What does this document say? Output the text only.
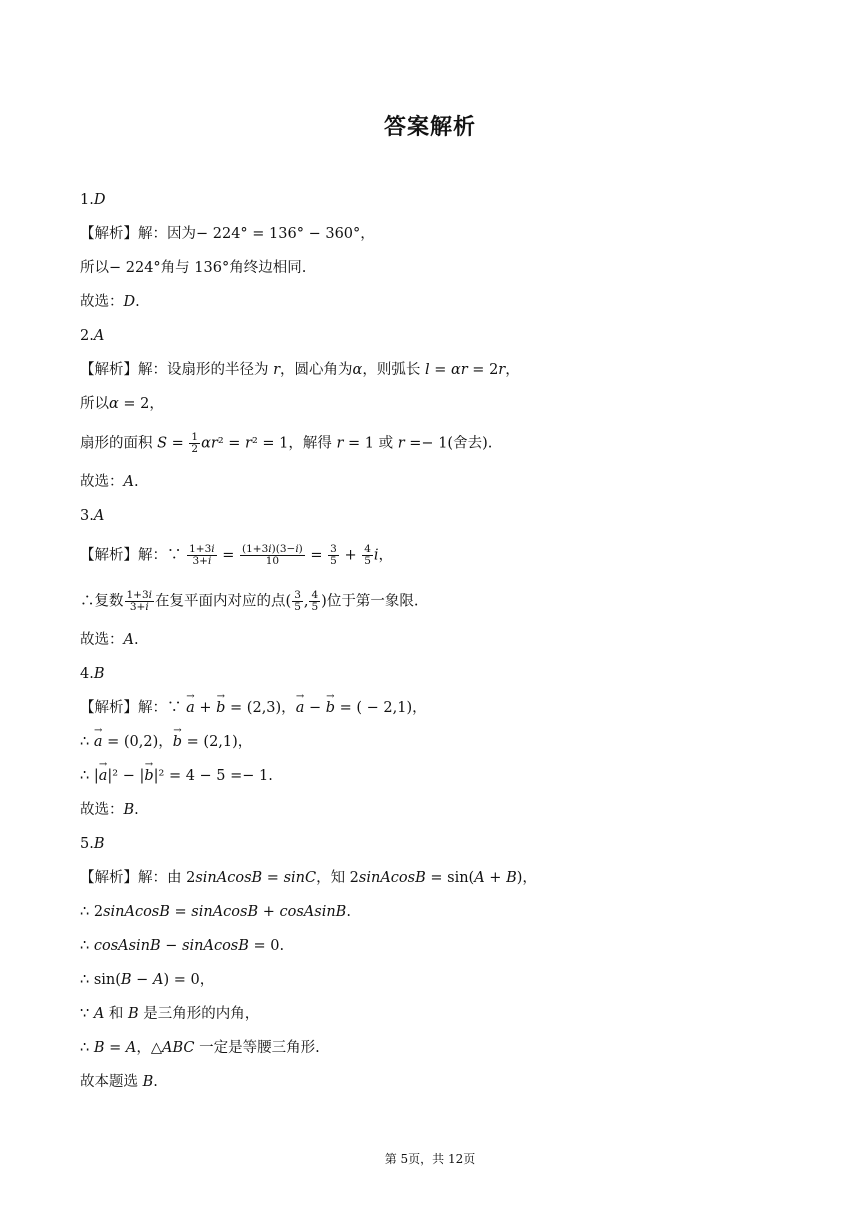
答案解析
1.D
【解析】解：因为− 224° = 136° − 360°，
所以− 224°角与 136°角终边相同.
故选：D.
2.A
【解析】解：设扇形的半径为 r，圆心角为α，则弧长 l = αr = 2r，
所以α = 2，
扇形的面积 $S = \frac{1}{2} \alpha r^2 = r^2 = 1$，解得 r = 1 或 r =− 1(舍去).
故选：A.
3.A
【解析】解：∵ $\frac{1+3i}{3+i} = \frac{(1+3i)(3-i)}{10} = \frac{3}{5} + \frac{4}{5}$ i，
∴复数 $\frac{1+3i}{3+i}$ 在复平面内对应的点( $\frac{3}{5}$ , $\frac{4}{5}$ )位于第一象限.
故选：A.
4.B
【解析】解：∵ → a + → b = (2,3)，→ a − → b = ( − 2,1)，
∴ → a = (0,2)，→ b = (2,1)，
∴ |→ a|² − |→ b|² = 4 − 5 =− 1.
故选：B.
5.B
【解析】解：由 2sinAcosB = sinC，知 2sinAcosB = sin(A + B)，
∴ 2sinAcosB = sinAcosB + cosAsinB.
∴ cosAsinB − sinAcosB = 0.
∴ sin(B − A) = 0，
∵ A 和 B 是三角形的内角，
∴ B = A，△ABC 一定是等腰三角形.
故本题选 B.
第 5页，共 12页
